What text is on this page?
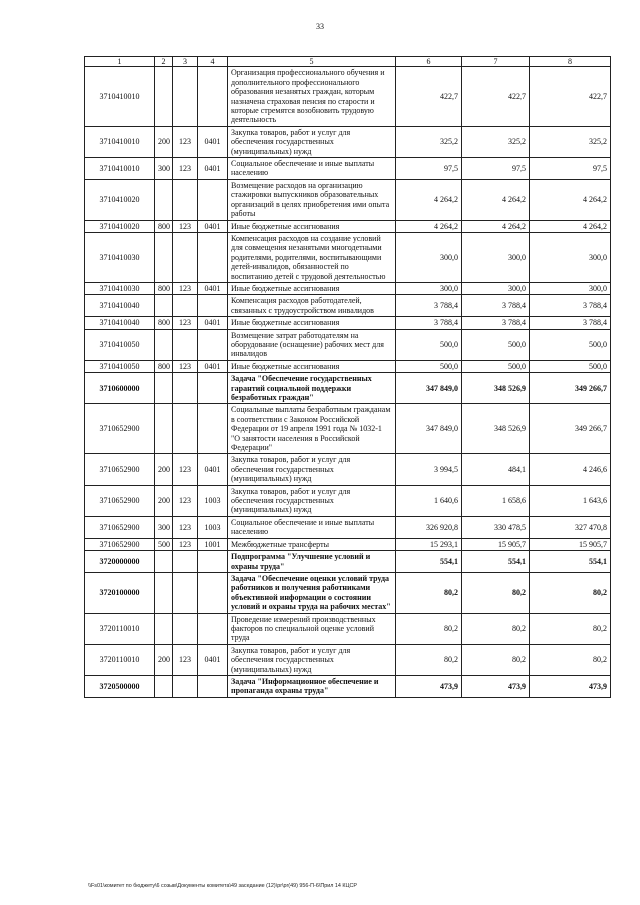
33
1	2	3	4	5	6	7	8
3710410010				Организация профессионального обучения и дополнительного профессионального образования незанятых граждан, которым назначена страховая пенсия по старости и которые стремятся возобновить трудовую деятельность	422,7	422,7	422,7
3710410010	200	123	0401	Закупка товаров, работ и услуг для обеспечения государственных (муниципальных) нужд	325,2	325,2	325,2
3710410010	300	123	0401	Социальное обеспечение и иные выплаты населению	97,5	97,5	97,5
3710410020				Возмещение расходов на организацию стажировки выпускников образовательных организаций в целях приобретения ими опыта работы	4 264,2	4 264,2	4 264,2
3710410020	800	123	0401	Иные бюджетные ассигнования	4 264,2	4 264,2	4 264,2
3710410030				Компенсация расходов на создание условий для совмещения незанятыми многодетными родителями, родителями, воспитывающими детей-инвалидов, обязанностей по воспитанию детей с трудовой деятельностью	300,0	300,0	300,0
3710410030	800	123	0401	Иные бюджетные ассигнования	300,0	300,0	300,0
3710410040				Компенсация расходов работодателей, связанных с трудоустройством инвалидов	3 788,4	3 788,4	3 788,4
3710410040	800	123	0401	Иные бюджетные ассигнования	3 788,4	3 788,4	3 788,4
3710410050				Возмещение затрат работодателям на оборудование (оснащение) рабочих мест для инвалидов	500,0	500,0	500,0
3710410050	800	123	0401	Иные бюджетные ассигнования	500,0	500,0	500,0
3710600000				Задача "Обеспечение государственных гарантий социальной поддержки безработных граждан"	347 849,0	348 526,9	349 266,7
3710652900				Социальные выплаты безработным гражданам в соответствии с Законом Российской Федерации от 19 апреля 1991 года № 1032-1 "О занятости населения в Российской Федерации"	347 849,0	348 526,9	349 266,7
3710652900	200	123	0401	Закупка товаров, работ и услуг для обеспечения государственных (муниципальных) нужд	3 994,5	484,1	4 246,6
3710652900	200	123	1003	Закупка товаров, работ и услуг для обеспечения государственных (муниципальных) нужд	1 640,6	1 658,6	1 643,6
3710652900	300	123	1003	Социальное обеспечение и иные выплаты населению	326 920,8	330 478,5	327 470,8
3710652900	500	123	1001	Межбюджетные трансферты	15 293,1	15 905,7	15 905,7
3720000000				Подпрограмма "Улучшение условий и охраны труда"	554,1	554,1	554,1
3720100000				Задача "Обеспечение оценки условий труда работников и получения работниками объективной информации о состоянии условий и охраны труда на рабочих местах"	80,2	80,2	80,2
3720110010				Проведение измерений производственных факторов по специальной оценке условий труда	80,2	80,2	80,2
3720110010	200	123	0401	Закупка товаров, работ и услуг для обеспечения государственных (муниципальных) нужд	80,2	80,2	80,2
3720500000				Задача "Информационное обеспечение и пропаганда охраны труда"	473,9	473,9	473,9
\\Fs01\комитет по бюджету\6 созыв\Документы комитета\49 заседание (12)\pr\pr(49) 956-П-6\Прил 14 КЦСР
